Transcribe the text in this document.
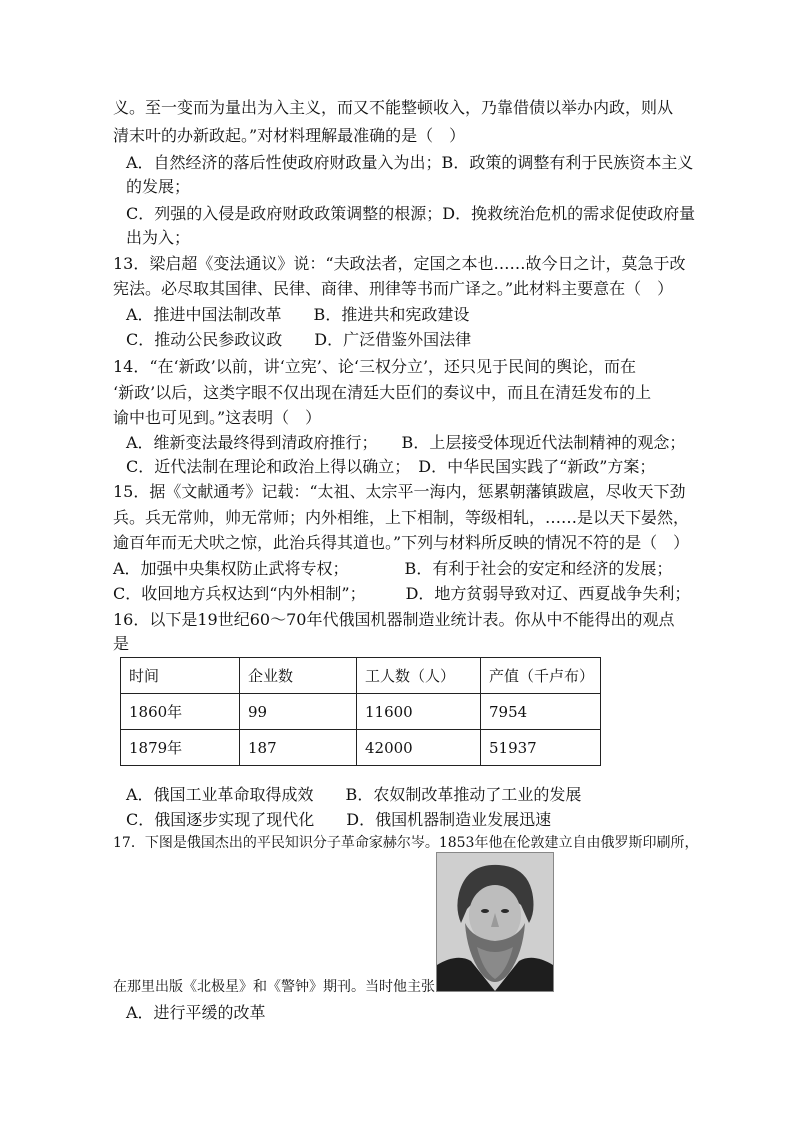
义。至一变而为量出为入主义，而又不能整顿收入，乃靠借债以举办内政，则从
清末叶的办新政起。”对材料理解最准确的是（　）
A．自然经济的落后性使政府财政量入为出；B．政策的调整有利于民族资本主义
的发展；
C．列强的入侵是政府财政政策调整的根源；D．挽救统治危机的需求促使政府量
出为入；
13．梁启超《变法通议》说：“夫政法者，定国之本也……故今日之计，莫急于改
宪法。必尽取其国律、民律、商律、刑律等书而广译之。”此材料主要意在（　）
A．推进中国法制改革　　B．推进共和宪政建设
C．推动公民参政议政　　D．广泛借鉴外国法律
14．“在‘新政’以前，讲‘立宪’、论‘三权分立’，还只见于民间的舆论，而在
‘新政’以后，这类字眼不仅出现在清廷大臣们的奏议中，而且在清廷发布的上
谕中也可见到。”这表明（　）
A．维新变法最终得到清政府推行；　　B．上层接受体现近代法制精神的观念；
C．近代法制在理论和政治上得以确立；　D．中华民国实践了“新政”方案；
15．据《文献通考》记载：“太祖、太宗平一海内，惩累朝藩镇跋扈，尽收天下劲
兵。兵无常帅，帅无常师；内外相维，上下相制，等级相轧，……是以天下晏然，
逾百年而无犬吠之惊，此治兵得其道也。”下列与材料所反映的情况不符的是（　）
A．加强中央集权防止武将专权；　　　　B．有利于社会的安定和经济的发展；
C．收回地方兵权达到“内外相制”；　　　D．地方贫弱导致对辽、西夏战争失利；
16．以下是19世纪60～70年代俄国机器制造业统计表。你从中不能得出的观点
是
时间	企业数	工人数（人）	产值（千卢布）
1860年	99	11600	7954
1879年	187	42000	51937
A．俄国工业革命取得成效　　B．农奴制改革推动了工业的发展
C．俄国逐步实现了现代化　　D．俄国机器制造业发展迅速
17．下图是俄国杰出的平民知识分子革命家赫尔岑。1853年他在伦敦建立自由俄罗斯印刷所，
在那里出版《北极星》和《警钟》期刊。当时他主张
A．进行平缓的改革
